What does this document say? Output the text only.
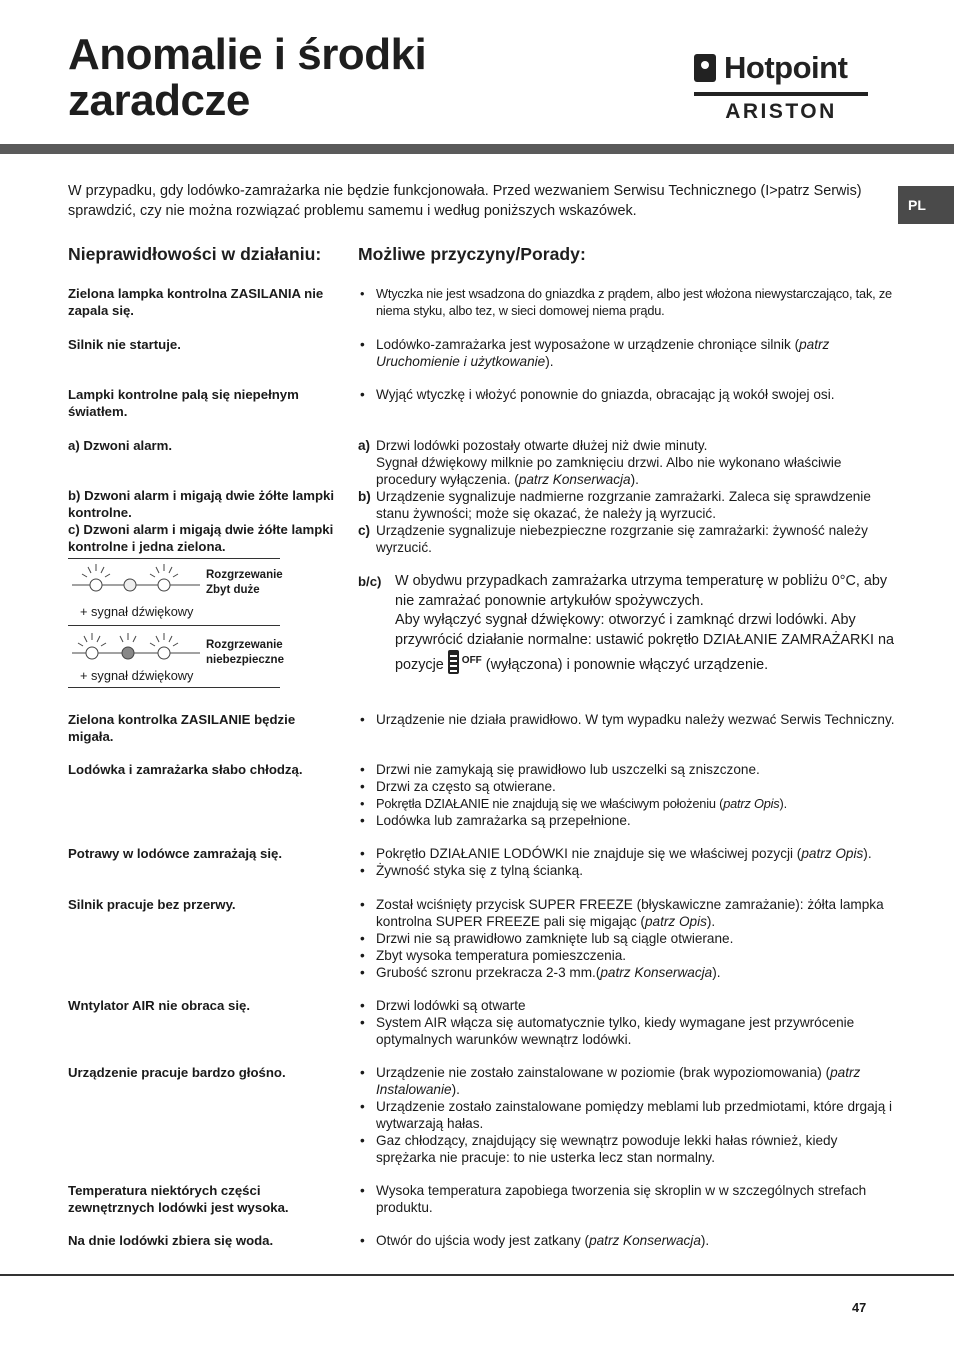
Anomalie i środki
zaradcze
Hotpoint
ARISTON
PL

W przypadku, gdy lodówko-zamrażarka nie będzie funkcjonowała. Przed wezwaniem Serwisu Technicznego (I>patrz Serwis) sprawdzić, czy nie można rozwiązać problemu samemu i według poniższych wskazówek.

Nieprawidłowości w działaniu: Możliwe przyczyny/Porady:
Zielona lampka kontrolna ZASILANIA nie zapala się.
• Wtyczka nie jest wsadzona do gniazdka z prądem, albo jest włożona niewystarczająco, tak, ze niema styku, albo tez, w sieci domowej niema prądu.
Silnik nie startuje.	• Lodówko-zamrażarka jest wyposażone w urządzenie chroniące silnik (patrz Uruchomienie i użytkowanie).
Lampki kontrolne palą się niepełnym światłem.
• Wyjąć wtyczkę i włożyć ponownie do gniazda, obracając ją wokół swojej osi.
a) Dzwoni alarm.
b) Dzwoni alarm i migają dwie żółte lampki kontrolne.
c) Dzwoni alarm i migają dwie żółte lampki kontrolne i jedna zielona.
a) Drzwi lodówki pozostały otwarte dłużej niż dwie minuty.
Sygnał dźwiękowy milknie po zamknięciu drzwi. Albo nie wykonano właściwie procedury wyłączenia. (patrz Konserwacja).
b) Urządzenie sygnalizuje nadmierne rozgrzanie zamrażarki. Zaleca się sprawdzenie stanu żywności; może się okazać, że należy ją wyrzucić.
c) Urządzenie sygnalizuje niebezpieczne rozgrzanie się zamrażarki: żywność należy wyrzucić.
Rozgrzewanie Zbyt duże
+ sygnał dźwiękowy
Rozgrzewanie niebezpieczne
+ sygnał dźwiękowy
b/c) W obydwu przypadkach zamrażarka utrzyma temperaturę w pobliżu 0°C, aby nie zamrażać ponownie artykułów spożywczych.
Aby wyłączyć sygnał dźwiękowy: otworzyć i zamknąć drzwi lodówki. Aby przywrócić działanie normalne: ustawić pokrętło DZIAŁANIE ZAMRAŻARKI na pozycje $^{OFF}$ (wyłączona) i ponownie włączyć urządzenie.
Zielona kontrolka ZASILANIE będzie migała.
• Urządzenie nie działa prawidłowo. W tym wypadku należy wezwać Serwis Techniczny.
Lodówka i zamrażarka słabo chłodzą.	• Drzwi nie zamykają się prawidłowo lub uszczelki są zniszczone.
• Drzwi za często są otwierane.
• Pokrętła DZIAŁANIE nie znajdują się we właściwym położeniu (patrz Opis).
• Lodówka lub zamrażarka są przepełnione.
Potrawy w lodówce zamrażają się.	• Pokrętło DZIAŁANIE LODÓWKI nie znajduje się we właściwej pozycji (patrz Opis).
• Żywność styka się z tylną ścianką.
Silnik pracuje bez przerwy.	• Został wciśnięty przycisk SUPER FREEZE (błyskawiczne zamrażanie): żółta lampka kontrolna SUPER FREEZE pali się migając (patrz Opis).
• Drzwi nie są prawidłowo zamknięte lub są ciągle otwierane.
• Zbyt wysoka temperatura pomieszczenia.
• Grubość szronu przekracza 2-3 mm.(patrz Konserwacja).
Wntylator AIR nie obraca się.	• Drzwi lodówki są otwarte
• System AIR włącza się automatycznie tylko, kiedy wymagane jest przywrócenie optymalnych warunków wewnątrz lodówki.
Urządzenie pracuje bardzo głośno.	• Urządzenie nie zostało zainstalowane w poziomie (brak wypoziomowania) (patrz Instalowanie).
• Urządzenie zostało zainstalowane pomiędzy meblami lub przedmiotami, które drgają i wytwarzają hałas.
• Gaz chłodzący, znajdujący się wewnątrz powoduje lekki hałas również, kiedy sprężarka nie pracuje: to nie usterka lecz stan normalny.
Temperatura niektórych części zewnętrznych lodówki jest wysoka.
• Wysoka temperatura zapobiega tworzenia się skroplin w w szczególnych strefach produktu.
Na dnie lodówki zbiera się woda.	• Otwór do ujścia wody jest zatkany (patrz Konserwacja).
47
